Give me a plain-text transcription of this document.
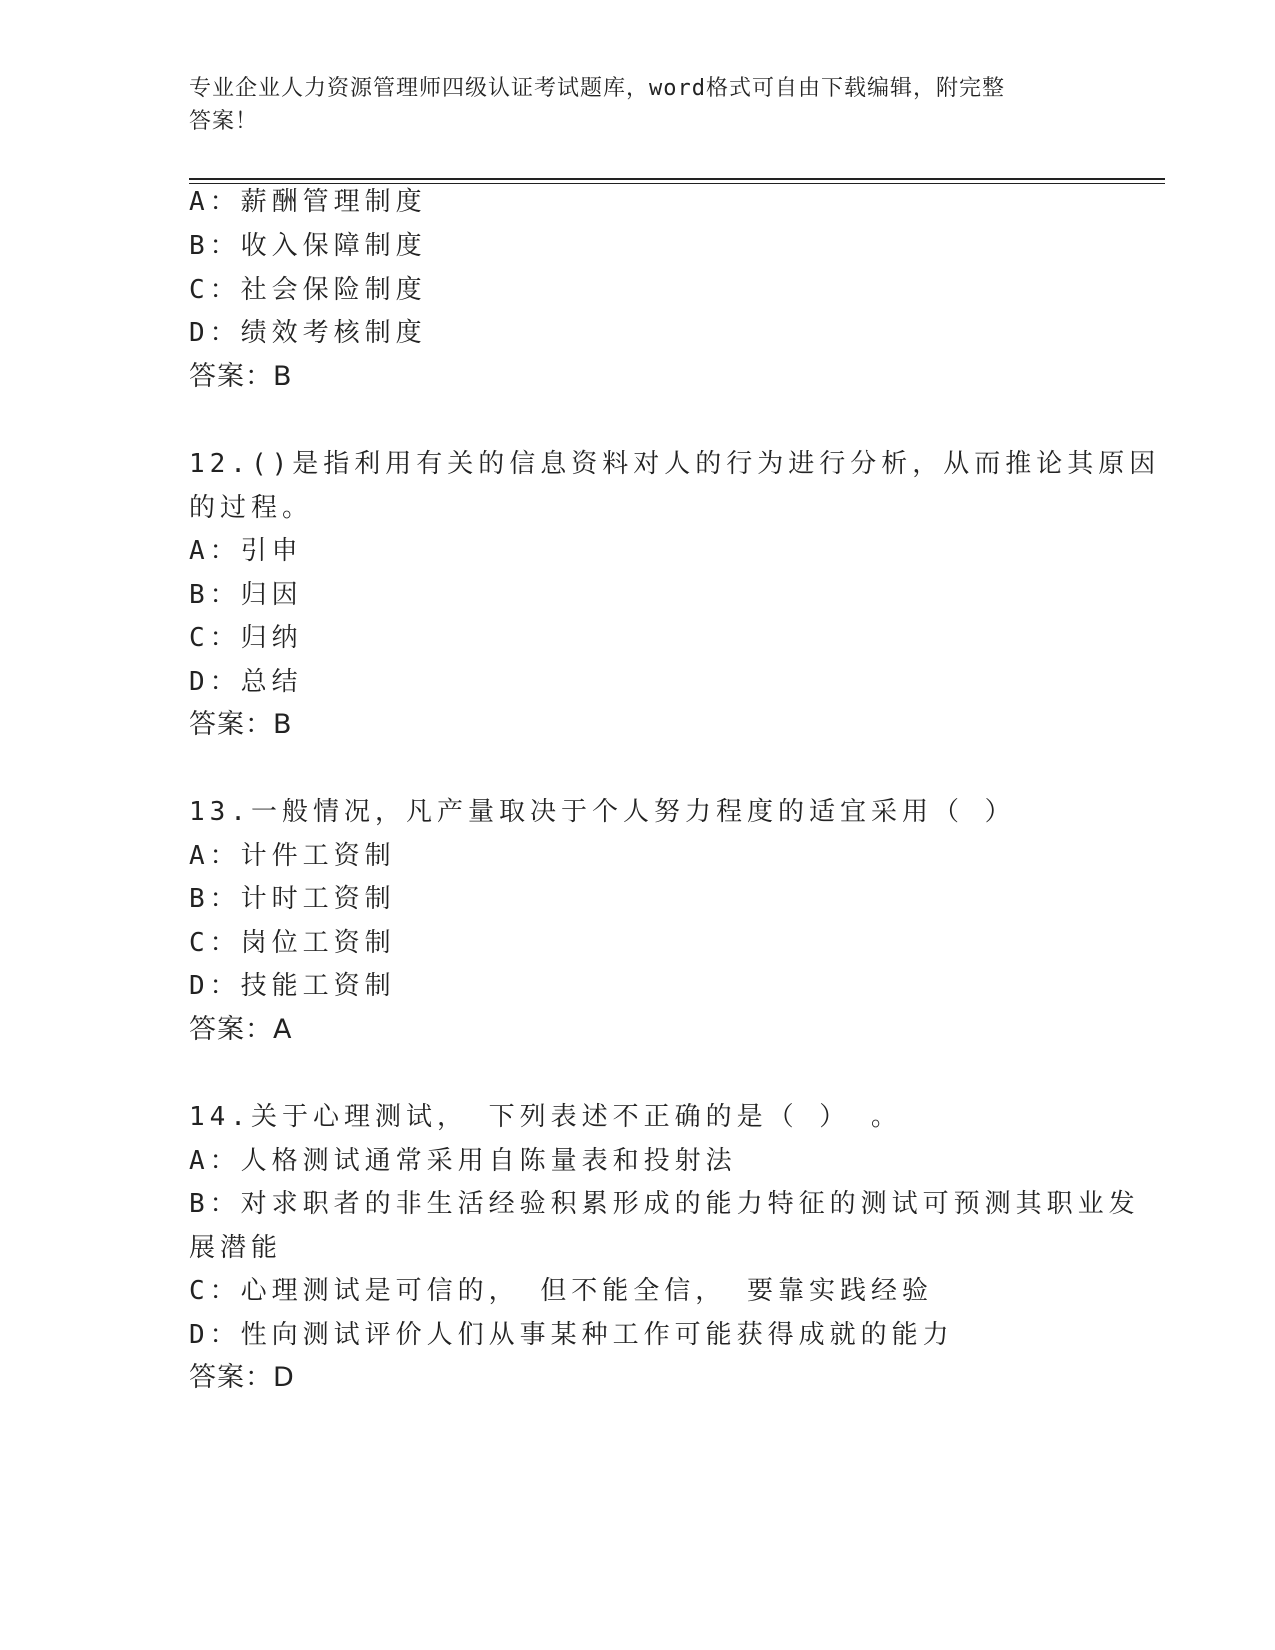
专业企业人力资源管理师四级认证考试题库，word格式可自由下载编辑，附完整
答案！
A：薪酬管理制度
B：收入保障制度
C：社会保险制度
D：绩效考核制度
答案：B
12.()是指利用有关的信息资料对人的行为进行分析，从而推论其原因
的过程。
A：引申
B：归因
C：归纳
D：总结
答案：B
13.一般情况，凡产量取决于个人努力程度的适宜采用（ ）
A：计件工资制
B：计时工资制
C：岗位工资制
D：技能工资制
答案：A
14.关于心理测试， 下列表述不正确的是（ ） 。
A：人格测试通常采用自陈量表和投射法
B：对求职者的非生活经验积累形成的能力特征的测试可预测其职业发
展潜能
C：心理测试是可信的， 但不能全信， 要靠实践经验
D：性向测试评价人们从事某种工作可能获得成就的能力
答案：D
